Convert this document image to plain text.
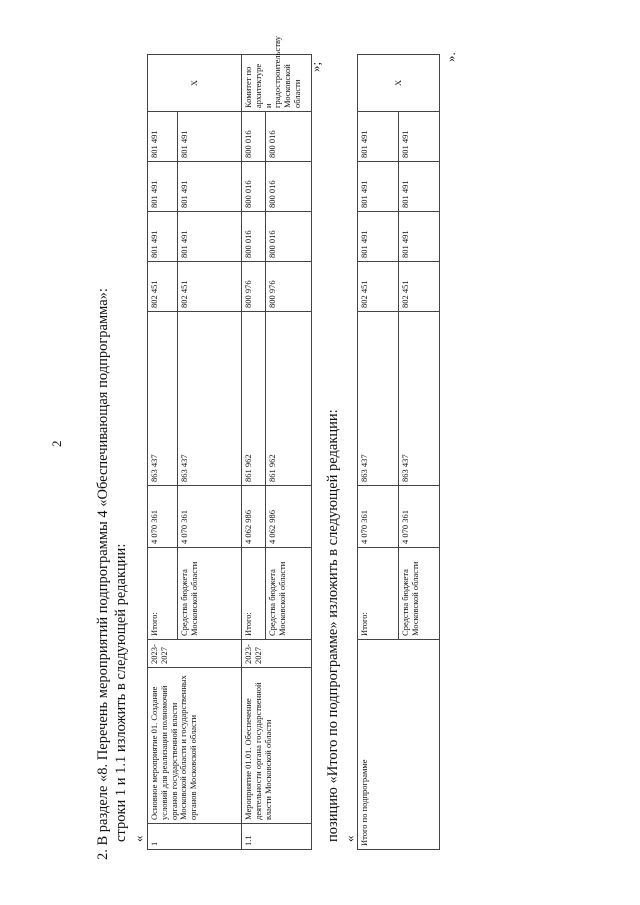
2 2. В разделе «8. Перечень мероприятий подпрограммы 4 «Обеспечивающая подпрограмма»: строки 1 и 1.1 изложить в следующей редакции: «
1	Основное мероприятие 01. Создание условий для реализации полномочий органов государственной власти Московской области и государственных органов Московской области	2023-2027	Итого:	4 070 361	863 437	802 451	801 491	801 491	801 491	X
			Средства бюджета Московской области	4 070 361	863 437	802 451	801 491	801 491	801 491	
1.1	Мероприятие 01.01. Обеспечение деятельности органа государственной власти Московской области	2023-2027	Итого:	4 062 986	861 962	800 976	800 016	800 016	800 016	Комитет по архитектуре и градостроительству Московской области
			Средства бюджета Московской области	4 062 986	861 962	800 976	800 016	800 016	800 016	
»;
позицию «Итого по подпрограмме» изложить в следующей редакции: « Итого по подпрограмме	Итого:	4 070 361	863 437	802 451	801 491	801 491	801 491	X
	Средства бюджета Московской области	4 070 361	863 437	802 451	801 491	801 491	801 491	
».
